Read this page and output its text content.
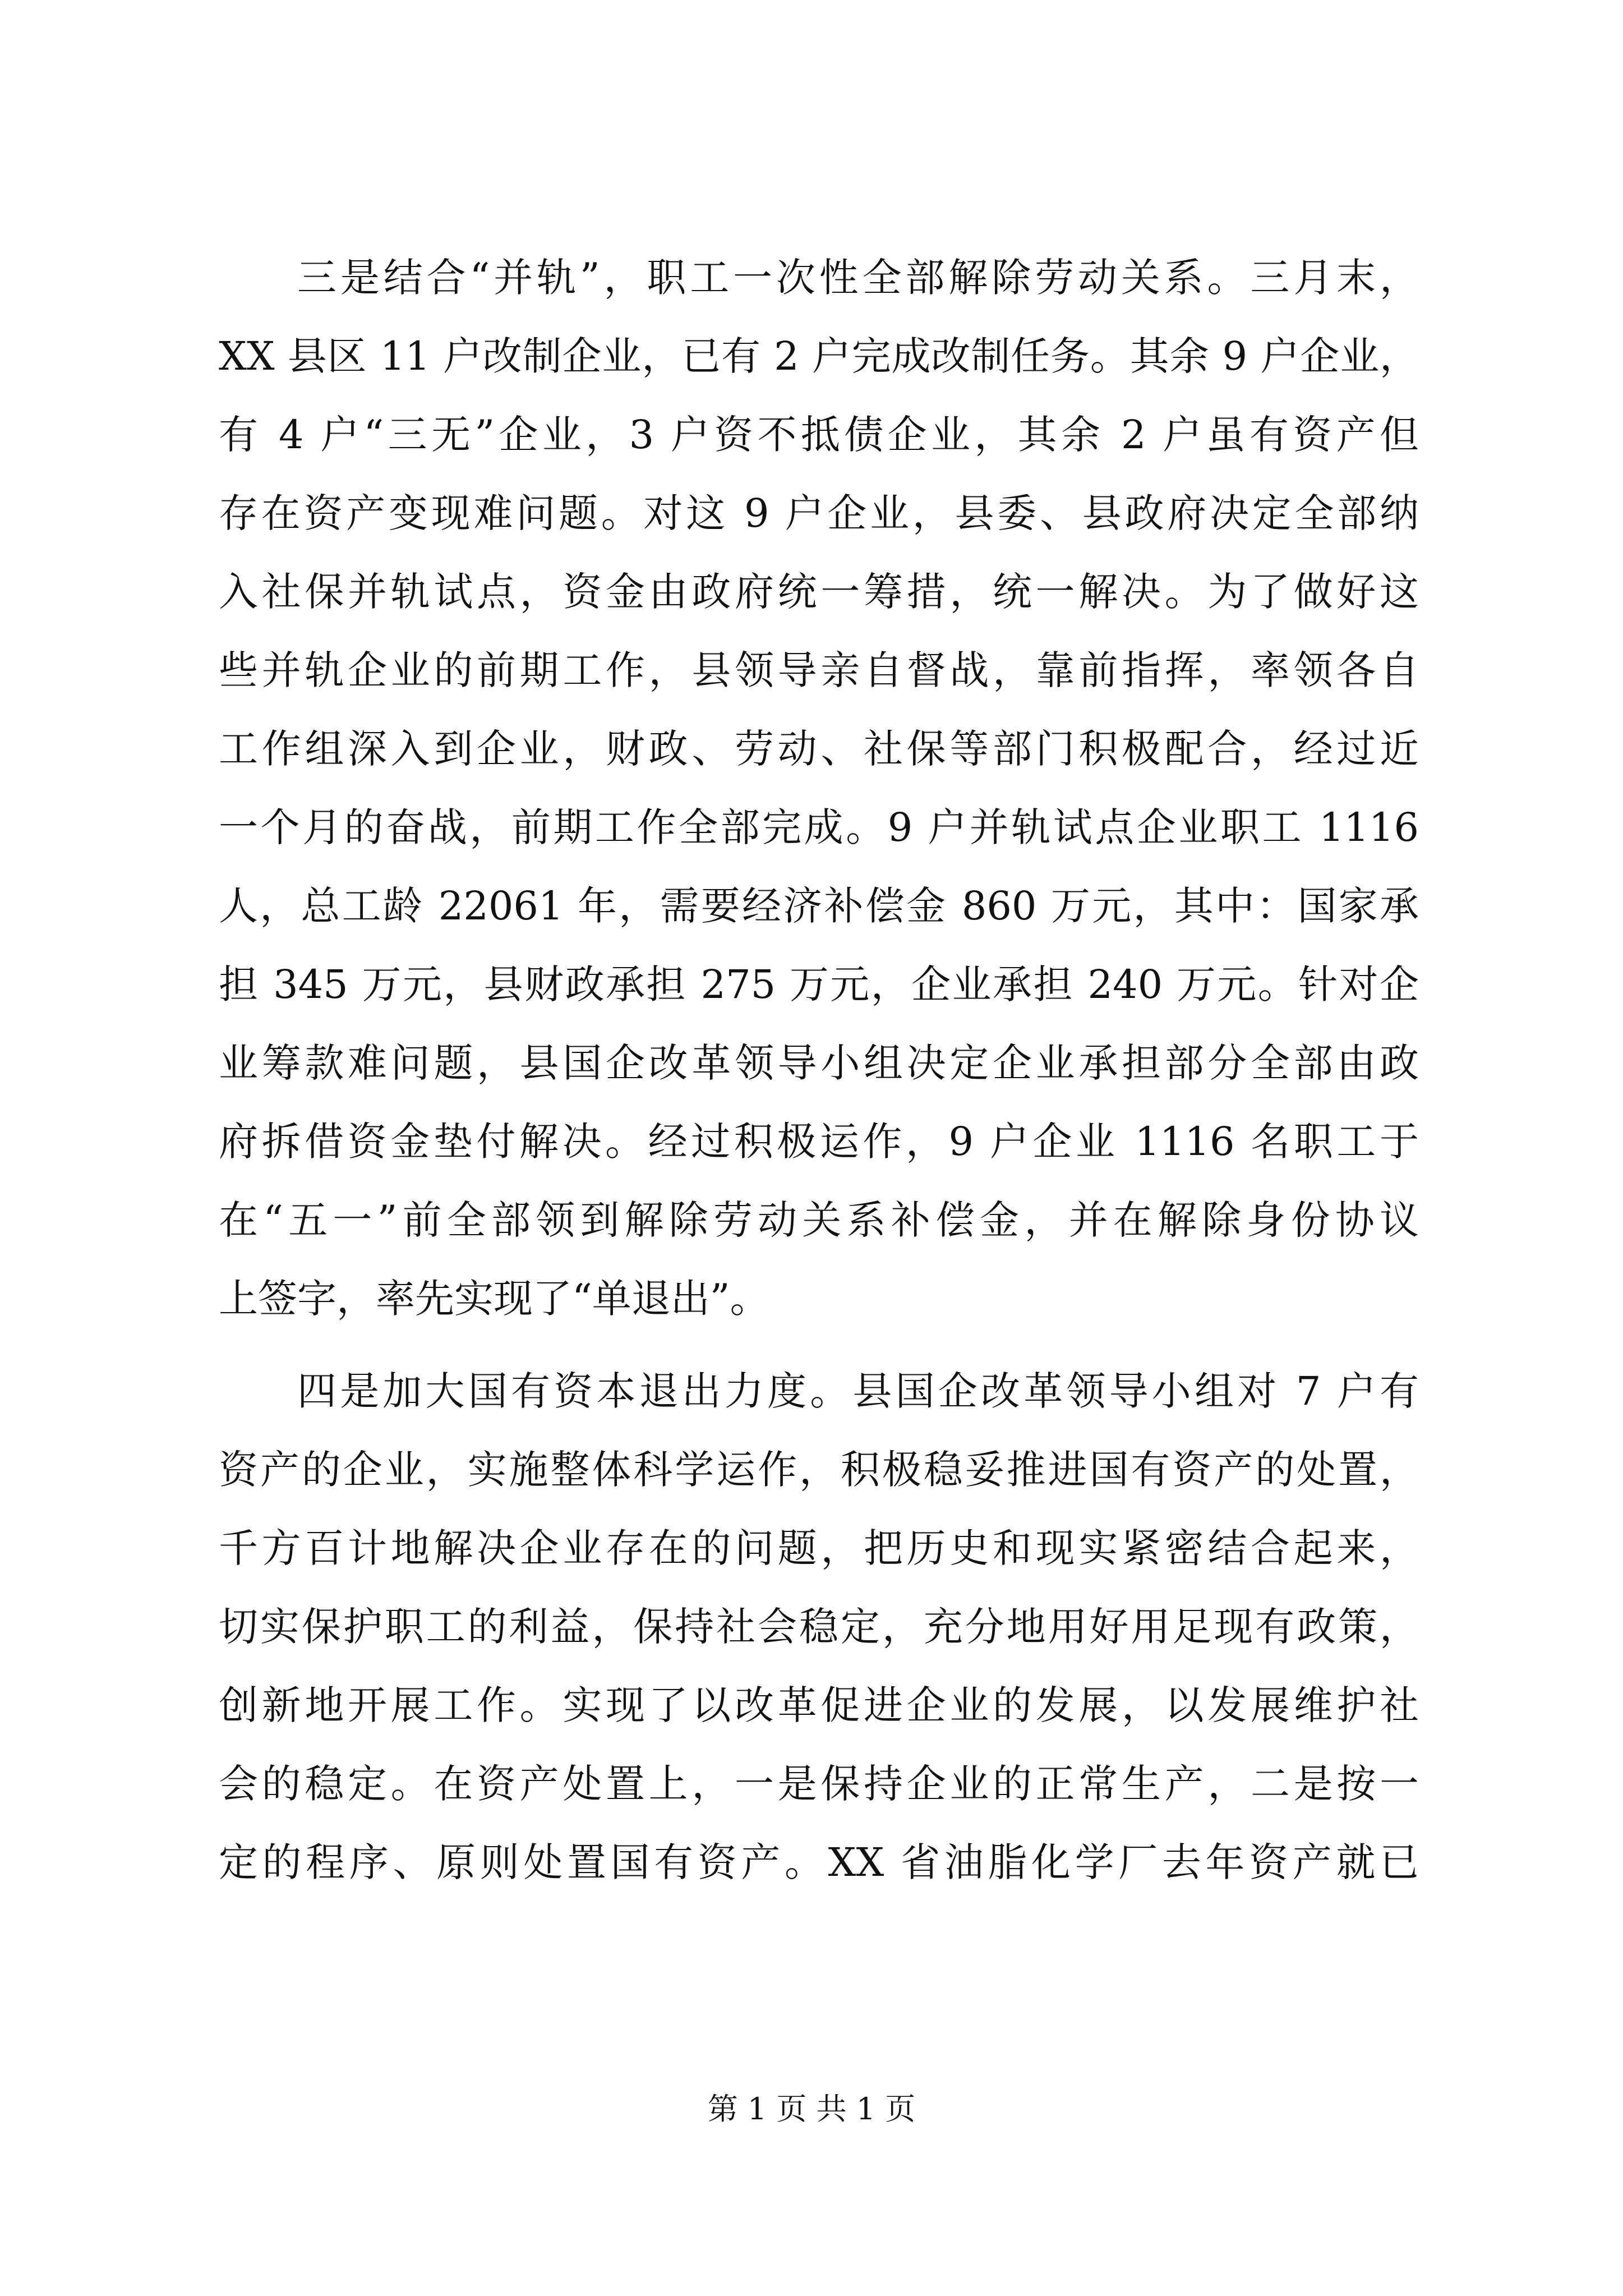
三是结合“并轨”，职工一次性全部解除劳动关系。三月末，
XX 县区 11 户改制企业，已有 2 户完成改制任务。其余 9 户企业，
有 4 户“三无”企业，3 户资不抵债企业，其余 2 户虽有资产但
存在资产变现难问题。对这 9 户企业，县委、县政府决定全部纳
入社保并轨试点，资金由政府统一筹措，统一解决。为了做好这
些并轨企业的前期工作，县领导亲自督战，靠前指挥，率领各自
工作组深入到企业，财政、劳动、社保等部门积极配合，经过近
一个月的奋战，前期工作全部完成。9 户并轨试点企业职工 1116
人，总工龄 22061 年，需要经济补偿金 860 万元，其中：国家承
担 345 万元，县财政承担 275 万元，企业承担 240 万元。针对企
业筹款难问题，县国企改革领导小组决定企业承担部分全部由政
府拆借资金垫付解决。经过积极运作，9 户企业 1116 名职工于
在“五一”前全部领到解除劳动关系补偿金，并在解除身份协议
上签字，率先实现了“单退出”。
四是加大国有资本退出力度。县国企改革领导小组对 7 户有
资产的企业，实施整体科学运作，积极稳妥推进国有资产的处置，
千方百计地解决企业存在的问题，把历史和现实紧密结合起来，
切实保护职工的利益，保持社会稳定，充分地用好用足现有政策，
创新地开展工作。实现了以改革促进企业的发展，以发展维护社
会的稳定。在资产处置上，一是保持企业的正常生产，二是按一
定的程序、原则处置国有资产。XX 省油脂化学厂去年资产就已
第 1 页 共 1 页
